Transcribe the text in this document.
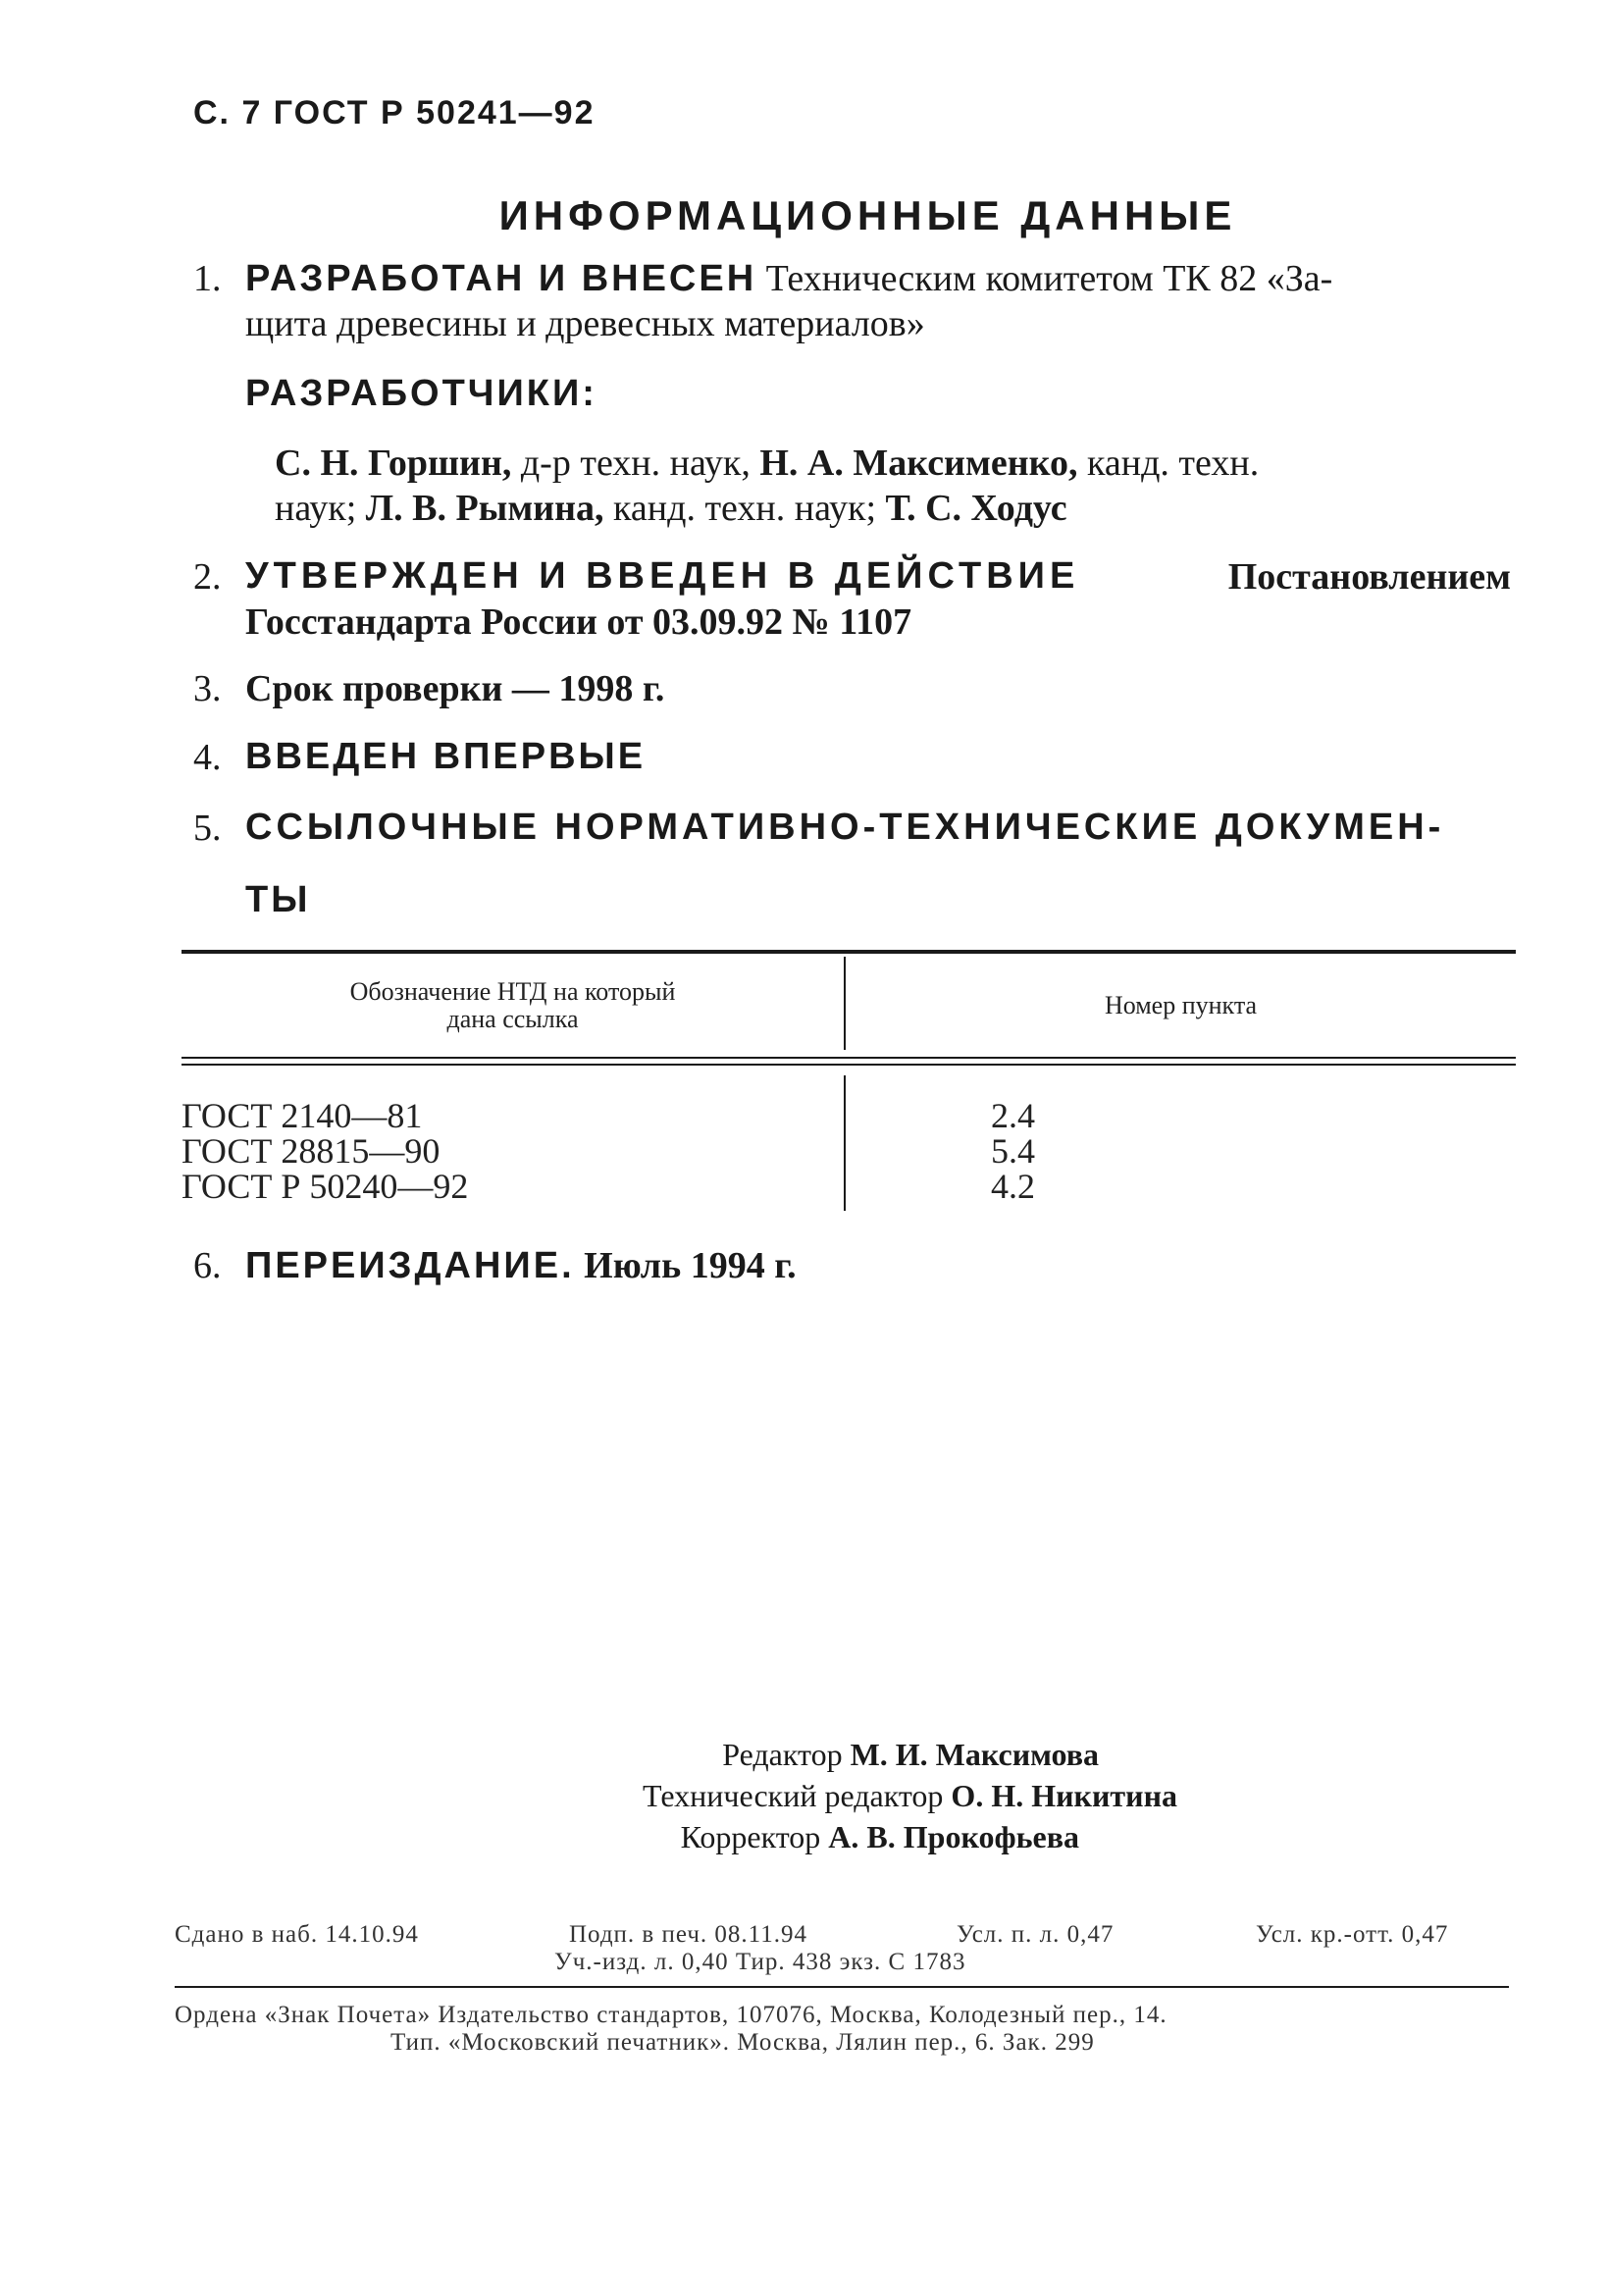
С. 7 ГОСТ Р 50241—92
ИНФОРМАЦИОННЫЕ ДАННЫЕ
1. РАЗРАБОТАН И ВНЕСЕН Техническим комитетом ТК 82 «За-
щита древесины и древесных материалов»
РАЗРАБОТЧИКИ:
С. Н. Горшин, д-р техн. наук, Н. А. Максименко, канд. техн.
наук; Л. В. Рымина, канд. техн. наук; Т. С. Ходус
2. УТВЕРЖДЕН И ВВЕДЕН В ДЕЙСТВИЕ	Постановлением
Госстандарта России от 03.09.92 № 1107
3. Срок проверки — 1998 г.
4. ВВЕДЕН ВПЕРВЫЕ
5. ССЫЛОЧНЫЕ НОРМАТИВНО-ТЕХНИЧЕСКИЕ ДОКУМЕН-
ТЫ
Обозначение НТД на который
дана ссылка	Номер пункта
ГОСТ 2140—81	2.4
ГОСТ 28815—90	5.4
ГОСТ Р 50240—92	4.2
6. ПЕРЕИЗДАНИЕ. Июль 1994 г.
Редактор М. И. Максимова
Технический редактор О. Н. Никитина
Корректор А. В. Прокофьева
Сдано в наб. 14.10.94	Подп. в печ. 08.11.94	Усл. п. л. 0,47	Усл. кр.-отт. 0,47
Уч.-изд. л. 0,40 Тир. 438 экз. С 1783
Ордена «Знак Почета» Издательство стандартов, 107076, Москва, Колодезный пер., 14.
Тип. «Московский печатник». Москва, Лялин пер., 6. Зак. 299
